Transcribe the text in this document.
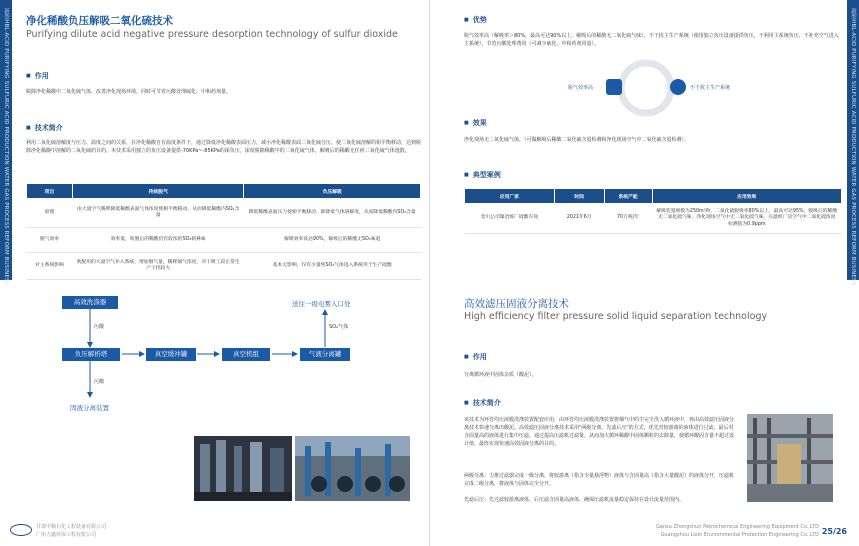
新型HBL·ACID PURIFYING SULFURIC ACID PRODUCTION WATER GAS PROCESS REFORM BUSINESS 净化稀酸负压解吸二氧化硫技术
Purifying dilute acid negative pressure desorption technology of sulfur dioxide
■ 作用
脱除净化稀酸中二氧化硫气体，改善净化现场环境，同时可节省污酸处理硫化、中和药剂量。
■ 技术简介
利用二氧化硫溶解度与压力、温度之间的关系，在净化稀酸自有温度条件下，通过降低净化稀酸表面压力，减小净化稀酸表面二氧化硫分压，使二氧化硫溶解的相平衡移动，达到脱除净化稀酸中溶解的二氧化硫的目的。本技术采用独立的负压设备提供-70KPa~-85KPa的深负压，深度脱除稀酸中的二氧化硫气体，解吸后的稀酸无任何二氧化硫气体逸散。
项目	传统脱气	负压解吸
原理	由大量空气稀释降低稀酸表面气体浓度使相平衡移动，从而降低稀酸内SO₂含量	降低稀酸表面压力使相平衡移动，即降低气体溶解度，从而降低稀酸内SO₂含量
脱气效率	效率低，吹脱后的稀酸仍有较浓的SO₂刺鼻味	解吸效率高达90%，解吸后的稀酸无SO₂味道
对主系统影响	吹脱用的大量空气补入系统，增加烟气量，稀释烟气浓度，对干吸工段正常生产干扰较大	基本无影响，仅有少量纯SO₂气体进入系统用于生产硫酸
高效洗涤器
污酸
负压解析塔	真空缓冲罐	真空机组	气液分离罐
送往一级电雾入口处
SO₂气体
污酸
固液分离装置
甘肃中顺石化工程装备有限公司
广州力鑫环保工程有限公司
新型HBL·ACID PURIFYING SULFURIC ACID PRODUCTION WATER GAS PROCESS REFORM BUSINESS
■ 优势
脱气效率高（解吸率＞80%，最高可达90%以上，解吸后的稀酸无二氧化硫气味），不干扰主生产系统（使用独立负压设备提供负压，不利用主系统负压，不补充空气进入主系统），节省污酸处理费用（可减少硫化、中和药剂用量）。
脱气效率高	不干扰主生产系统
■ 效果
净化现场无二氧化硫气体，（可做解吸后稀酸二氧化硫含量检测和净化现场空气中二氧化硫含量检测）。
■ 典型案例
应用厂家	时间	系统产能	应用效果
金川公司镍冶炼厂硫酸车间	2021年6月	70万吨/年	解吸装置规模为250m³/h，二氧化硫脱吸率80%以上，最高可达95%，脱吸后的稀酸无二氧化硫气味，净化现场空气中无二氧化硫气味，压滤机厂房空气中二氧化硫浓度检测值为0.9ppm
高效滤压固液分离技术
High efficiency filter pressure solid liquid separation technology
■ 作用
分离循环液中固体杂质（酸泥）。
■ 技术简介
该技术为环管均压液膜洗涤装置配套应用，由环管均压液膜洗涤装置将烟气中的尘完全洗入循环液中，再由高效滤压固液分离技术快速分离出酸泥。高效滤压固液分离技术采用"两级分离、先滤后压"的方式，优先对较游离的液体进行过滤，最后对含固量高的液体进行集中压滤，通过提高压滤机过滤量，从而加大循环稀酸中固体颗粒的去除量，使循环酸固含量不超过设计值，最终实现快速高效固液分离的目的。
两级分离：力推过滤器完成一级分离，将较游离（指含少量悬浮物）液体与含固量高（指含大量酸泥）的液体分开，压滤机完成二级分离，将液体与固体完全分开。
先滤后压：先过滤较游离液体，后压滤含固量高液体，确保压滤机流量稳定保持在设计流量范围内。
Gansu Zhongshun Petrochemical Engineering Equipment Co.,LTD
Guangzhou Lixin Environmental Protection Engineering Co.,LTD 25/26
